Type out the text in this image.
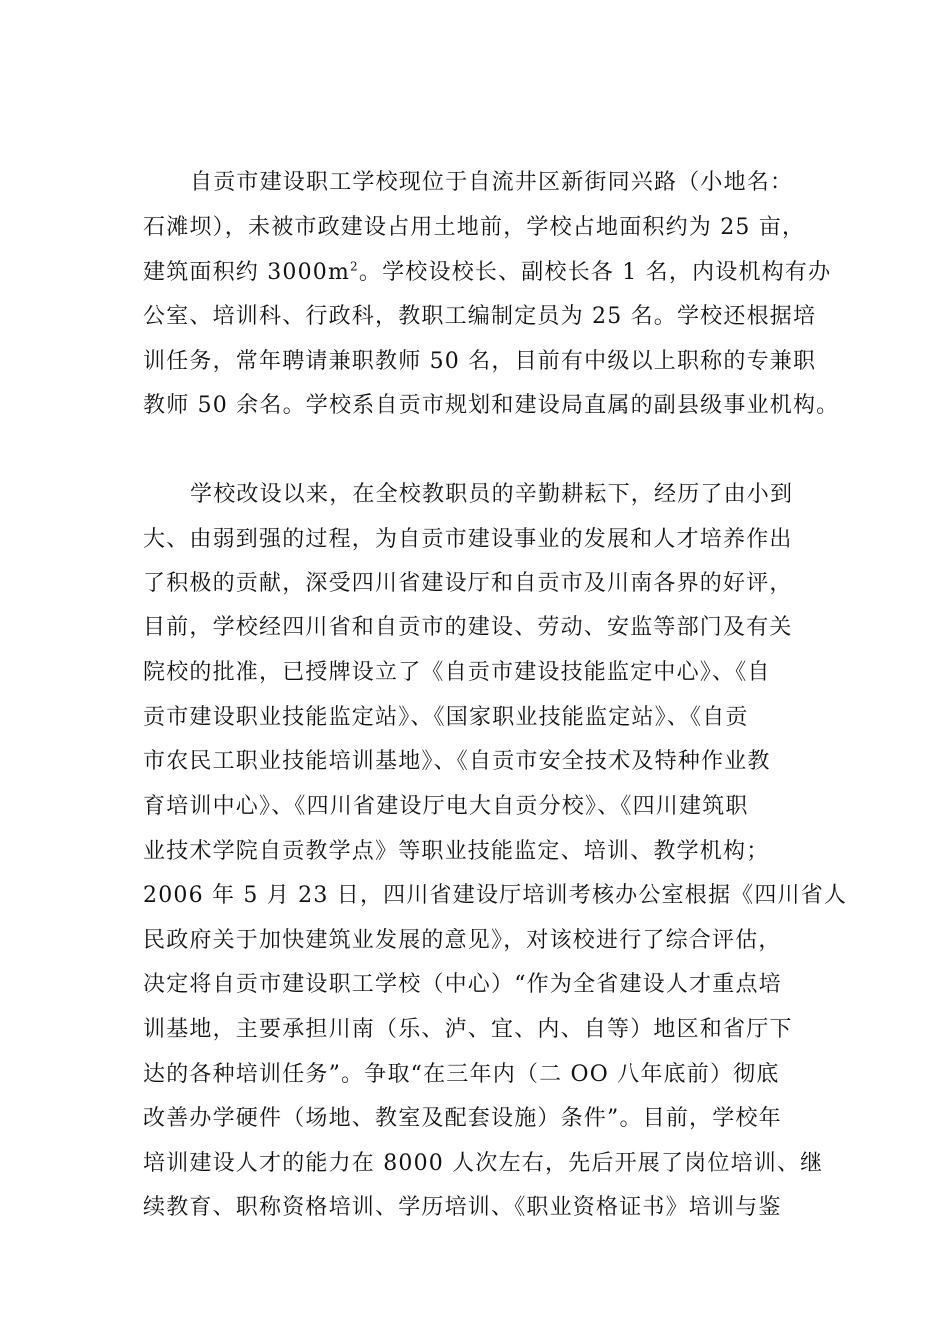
自贡市建设职工学校现位于自流井区新街同兴路（小地名：
石滩坝），未被市政建设占用土地前，学校占地面积约为 25 亩，
建筑面积约 $3000m^2$。学校设校长、副校长各 1 名，内设机构有办
公室、培训科、行政科，教职工编制定员为 25 名。学校还根据培
训任务，常年聘请兼职教师 50 名，目前有中级以上职称的专兼职
教师 50 余名。学校系自贡市规划和建设局直属的副县级事业机构。
学校改设以来，在全校教职员的辛勤耕耘下，经历了由小到
大、由弱到强的过程，为自贡市建设事业的发展和人才培养作出
了积极的贡献，深受四川省建设厅和自贡市及川南各界的好评，
目前，学校经四川省和自贡市的建设、劳动、安监等部门及有关
院校的批准，已授牌设立了《自贡市建设技能监定中心》、《自
贡市建设职业技能监定站》、《国家职业技能监定站》、《自贡
市农民工职业技能培训基地》、《自贡市安全技术及特种作业教
育培训中心》、《四川省建设厅电大自贡分校》、《四川建筑职
业技术学院自贡教学点》等职业技能监定、培训、教学机构；
2006 年 5 月 23 日，四川省建设厅培训考核办公室根据《四川省人
民政府关于加快建筑业发展的意见》，对该校进行了综合评估，
决定将自贡市建设职工学校（中心）“作为全省建设人才重点培
训基地，主要承担川南（乐、泸、宜、内、自等）地区和省厅下
达的各种培训任务”。争取“在三年内（二 OO 八年底前）彻底
改善办学硬件（场地、教室及配套设施）条件”。目前，学校年
培训建设人才的能力在 8000 人次左右，先后开展了岗位培训、继
续教育、职称资格培训、学历培训、《职业资格证书》培训与鉴
